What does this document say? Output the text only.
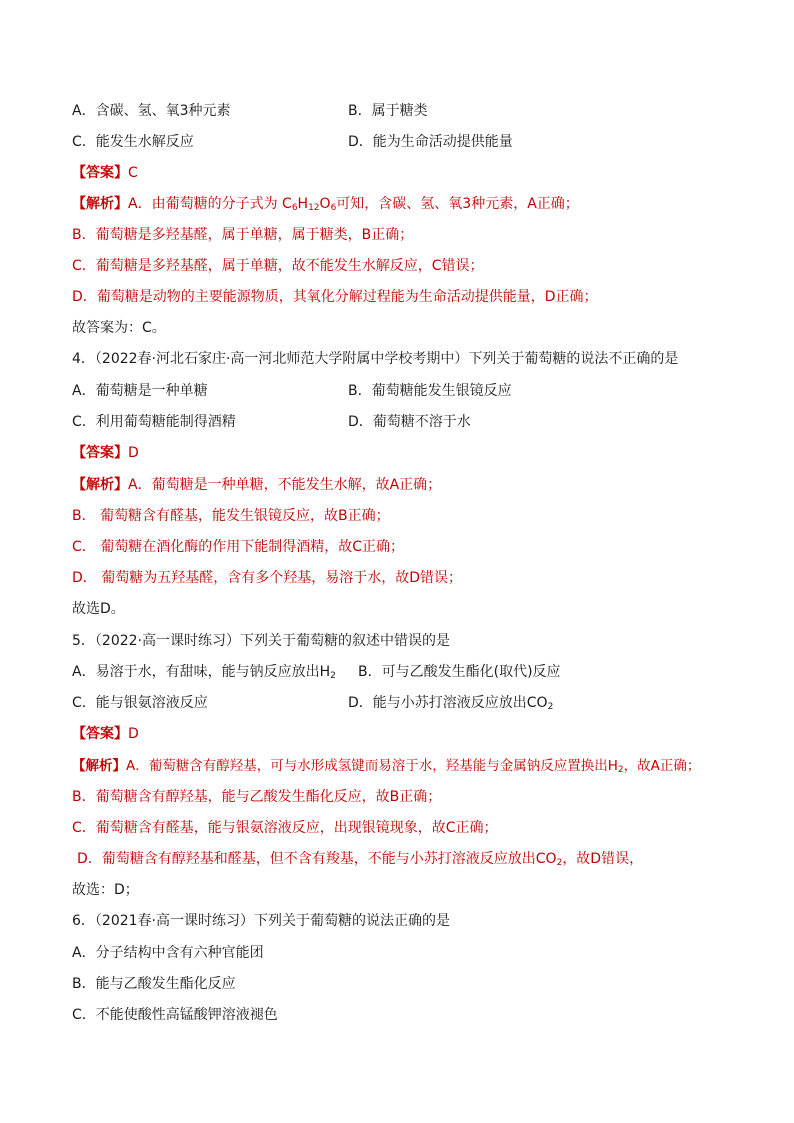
A．含碳、氢、氧3种元素	B．属于糖类
C．能发生水解反应	D．能为生命活动提供能量
【答案】C
【解析】A．由葡萄糖的分子式为 $C_6H_{12}O_6$可知，含碳、氢、氧3种元素，A正确；
B．葡萄糖是多羟基醛，属于单糖，属于糖类，B正确；
C．葡萄糖是多羟基醛，属于单糖，故不能发生水解反应，C错误；
D．葡萄糖是动物的主要能源物质，其氧化分解过程能为生命活动提供能量，D正确；
故答案为：C。
4．（2022春·河北石家庄·高一河北师范大学附属中学校考期中）下列关于葡萄糖的说法不正确的是
A．葡萄糖是一种单糖	B．葡萄糖能发生银镜反应
C．利用葡萄糖能制得酒精	D．葡萄糖不溶于水
【答案】D
【解析】A．葡萄糖是一种单糖，不能发生水解，故A正确；
B． 葡萄糖含有醛基，能发生银镜反应，故B正确；
C． 葡萄糖在酒化酶的作用下能制得酒精，故C正确；
D． 葡萄糖为五羟基醛，含有多个羟基，易溶于水，故D错误；
故选D。
5．（2022·高一课时练习）下列关于葡萄糖的叙述中错误的是
A．易溶于水，有甜味，能与钠反应放出$H_2$ B．可与乙酸发生酯化(取代)反应
C．能与银氨溶液反应	D．能与小苏打溶液反应放出$CO_2$
【答案】D
【解析】A．葡萄糖含有醇羟基，可与水形成氢键而易溶于水，羟基能与金属钠反应置换出$H_2$，故A正确；
B．葡萄糖含有醇羟基，能与乙酸发生酯化反应，故B正确；
C．葡萄糖含有醛基，能与银氨溶液反应，出现银镜现象，故C正确；
D．葡萄糖含有醇羟基和醛基，但不含有羧基，不能与小苏打溶液反应放出$CO_2$，故D错误，
故选：D；
6．（2021春·高一课时练习）下列关于葡萄糖的说法正确的是
A．分子结构中含有六种官能团
B．能与乙酸发生酯化反应
C．不能使酸性高锰酸钾溶液褪色
